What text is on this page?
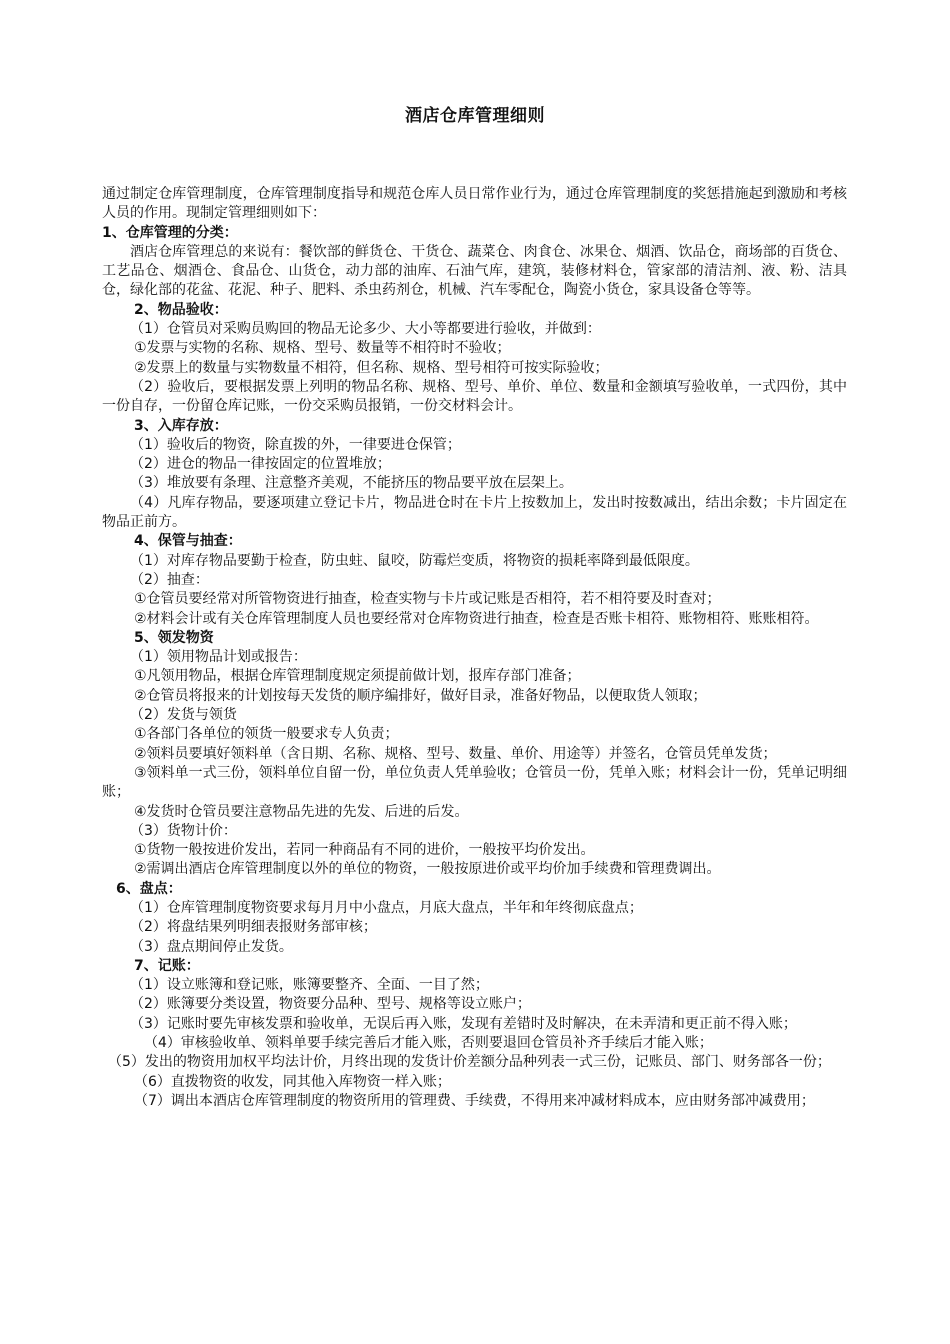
酒店仓库管理细则

通过制定仓库管理制度，仓库管理制度指导和规范仓库人员日常作业行为，通过仓库管理制度的奖惩措施起到激励和考核人员的作用。现制定管理细则如下：

1、仓库管理的分类：

酒店仓库管理总的来说有：餐饮部的鲜货仓、干货仓、蔬菜仓、肉食仓、冰果仓、烟酒、饮品仓，商场部的百货仓、工艺品仓、烟酒仓、食品仓、山货仓，动力部的油库、石油气库，建筑，装修材料仓，管家部的清洁剂、液、粉、洁具仓，绿化部的花盆、花泥、种子、肥料、杀虫药剂仓，机械、汽车零配仓，陶瓷小货仓，家具设备仓等等。

2、物品验收：

（1）仓管员对采购员购回的物品无论多少、大小等都要进行验收，并做到：

①发票与实物的名称、规格、型号、数量等不相符时不验收；

②发票上的数量与实物数量不相符，但名称、规格、型号相符可按实际验收；

（2）验收后，要根据发票上列明的物品名称、规格、型号、单价、单位、数量和金额填写验收单，一式四份，其中一份自存，一份留仓库记账，一份交采购员报销，一份交材料会计。

3、入库存放：

（1）验收后的物资，除直拨的外，一律要进仓保管；

（2）进仓的物品一律按固定的位置堆放；

（3）堆放要有条理、注意整齐美观，不能挤压的物品要平放在层架上。

（4）凡库存物品，要逐项建立登记卡片，物品进仓时在卡片上按数加上，发出时按数减出，结出余数；卡片固定在物品正前方。

4、保管与抽查：

（1）对库存物品要勤于检查，防虫蛀、鼠咬，防霉烂变质，将物资的损耗率降到最低限度。

（2）抽查：

①仓管员要经常对所管物资进行抽查，检查实物与卡片或记账是否相符，若不相符要及时查对；

②材料会计或有关仓库管理制度人员也要经常对仓库物资进行抽查，检查是否账卡相符、账物相符、账账相符。

5、领发物资

（1）领用物品计划或报告：

①凡领用物品，根据仓库管理制度规定须提前做计划，报库存部门准备；

②仓管员将报来的计划按每天发货的顺序编排好，做好目录，准备好物品，以便取货人领取；

（2）发货与领货

①各部门各单位的领货一般要求专人负责；

②领料员要填好领料单（含日期、名称、规格、型号、数量、单价、用途等）并签名，仓管员凭单发货；

③领料单一式三份，领料单位自留一份，单位负责人凭单验收；仓管员一份，凭单入账；材料会计一份，凭单记明细账；

④发货时仓管员要注意物品先进的先发、后进的后发。

（3）货物计价：

①货物一般按进价发出，若同一种商品有不同的进价，一般按平均价发出。

②需调出酒店仓库管理制度以外的单位的物资，一般按原进价或平均价加手续费和管理费调出。

6、盘点：

（1）仓库管理制度物资要求每月月中小盘点，月底大盘点，半年和年终彻底盘点；

（2）将盘结果列明细表报财务部审核；

（3）盘点期间停止发货。

7、记账：

（1）设立账簿和登记账，账簿要整齐、全面、一目了然；

（2）账簿要分类设置，物资要分品种、型号、规格等设立账户；

（3）记账时要先审核发票和验收单，无误后再入账，发现有差错时及时解决，在未弄清和更正前不得入账；

（4）审核验收单、领料单要手续完善后才能入账，否则要退回仓管员补齐手续后才能入账；

（5）发出的物资用加权平均法计价，月终出现的发货计价差额分品种列表一式三份，记账员、部门、财务部各一份；

（6）直拨物资的收发，同其他入库物资一样入账；

（7）调出本酒店仓库管理制度的物资所用的管理费、手续费，不得用来冲减材料成本，应由财务部冲减费用；
